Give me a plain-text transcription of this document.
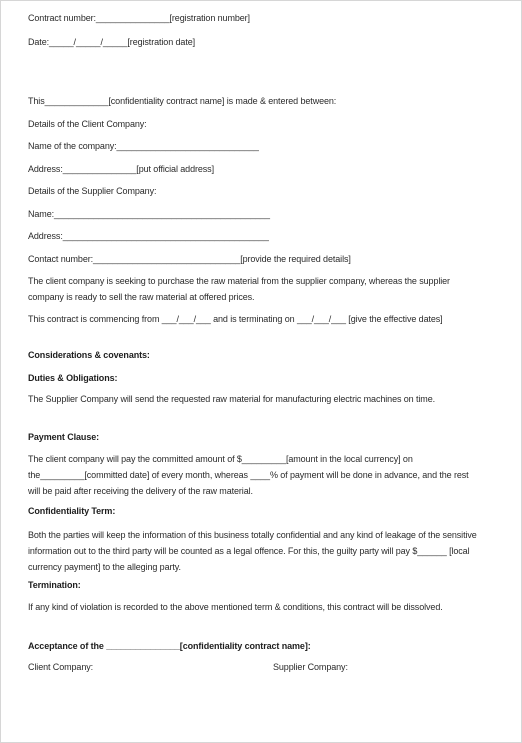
Contract number:_______________[registration number]
Date:_____/_____/_____[registration date]
This_____________[confidentiality contract name] is made & entered between:
Details of the Client Company:
Name of the company:_____________________________
Address:_______________[put official address]
Details of the Supplier Company:
Name:____________________________________________
Address:__________________________________________
Contact number:______________________________[provide the required details]
The client company is seeking to purchase the raw material from the supplier company, whereas the supplier company is ready to sell the raw material at offered prices.
This contract is commencing from ___/___/___ and is terminating on ___/___/___ [give the effective dates]
Considerations & covenants:
Duties & Obligations:
The Supplier Company will send the requested raw material for manufacturing electric machines on time.
Payment Clause:
The client company will pay the committed amount of $_________[amount in the local currency] on the_________[committed date] of every month, whereas ____% of payment will be done in advance, and the rest will be paid after receiving the delivery of the raw material.
Confidentiality Term:
Both the parties will keep the information of this business totally confidential and any kind of leakage of the sensitive information out to the third party will be counted as a legal offence. For this, the guilty party will pay $______ [local currency payment] to the alleging party.
Termination:
If any kind of violation is recorded to the above mentioned term & conditions, this contract will be dissolved.
Acceptance of the _______________[confidentiality contract name]:
Client Company:	Supplier Company:
